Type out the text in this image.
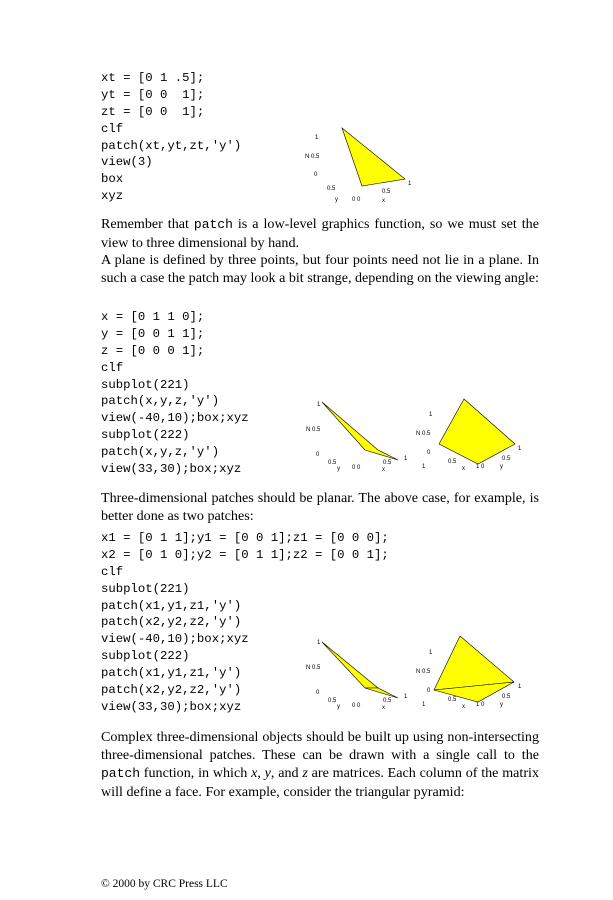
xt = [0 1 .5];
yt = [0 0  1];
zt = [0 0  1];
clf
patch(xt,yt,zt,'y')
view(3)
box
xyz
1
N 0.5
0
0.5
1
0.5
y 0 0	x
Remember that patch is a low-level graphics function, so we must set the view to three dimensional by hand.
A plane is defined by three points, but four points need not lie in a plane. In such a case the patch may look a bit strange, depending on the viewing angle:
x = [0 1 1 0];
y = [0 0 1 1];
z = [0 0 0 1];
clf
subplot(221)
patch(x,y,z,'y')
view(-40,10);box;xyz
subplot(222)
patch(x,y,z,'y')
view(33,30);box;xyz
1
N 0.5
0
0.5
y 0 0
0.5
x
1
1
N 0.5
0
1
0.5
x 1 0
0.5
y
1
Three-dimensional patches should be planar. The above case, for example, is better done as two patches:
x1 = [0 1 1];y1 = [0 0 1];z1 = [0 0 0];
x2 = [0 1 0];y2 = [0 1 1];z2 = [0 0 1];
clf
subplot(221)
patch(x1,y1,z1,'y')
patch(x2,y2,z2,'y')
view(-40,10);box;xyz
subplot(222)
patch(x1,y1,z1,'y')
patch(x2,y2,z2,'y')
view(33,30);box;xyz
1
N 0.5
0
0.5
y 0 0
0.5
x
1
1
N 0.5
0
1
0.5
x 1 0
0.5
y
1
Complex three-dimensional objects should be built up using non-intersecting three-dimensional patches. These can be drawn with a single call to the patch function, in which x, y, and z are matrices. Each column of the matrix will define a face. For example, consider the triangular pyramid:
© 2000 by CRC Press LLC
